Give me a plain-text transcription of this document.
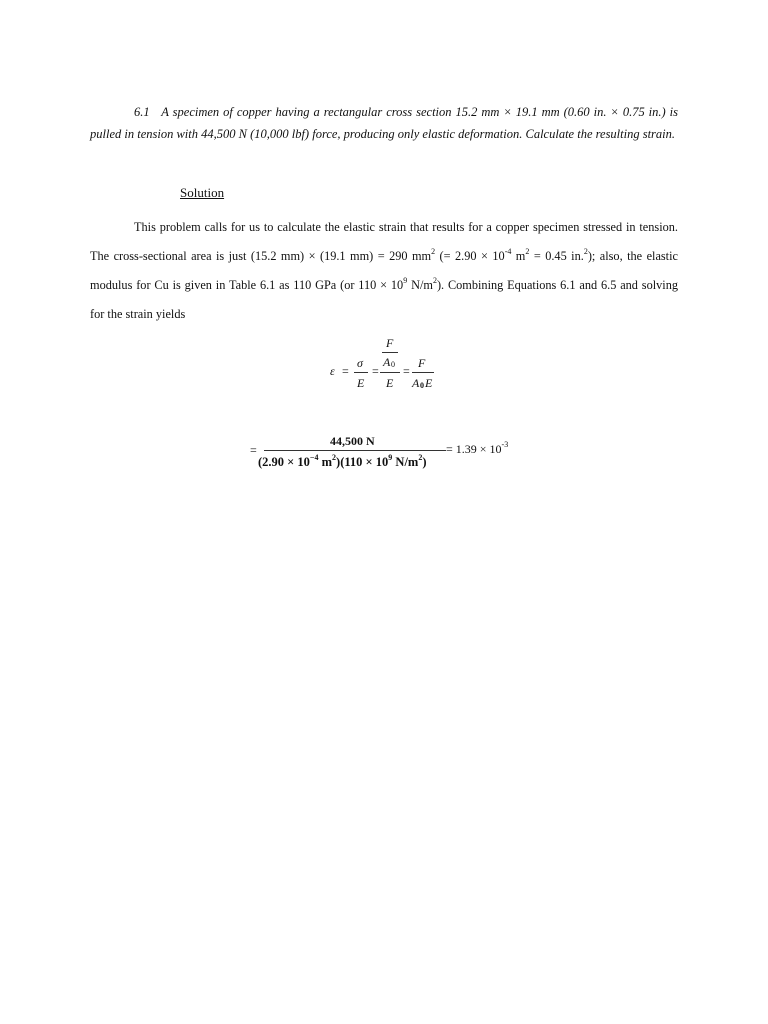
6.1 A specimen of copper having a rectangular cross section 15.2 mm × 19.1 mm (0.60 in. × 0.75 in.) is pulled in tension with 44,500 N (10,000 lbf) force, producing only elastic deformation. Calculate the resulting strain.
Solution
This problem calls for us to calculate the elastic strain that results for a copper specimen stressed in tension. The cross-sectional area is just (15.2 mm) × (19.1 mm) = 290 $mm^2$ (= $2.90 \times 10^{-4}$ $m^2 = 0.45$ in.$^2$); also, the elastic modulus for Cu is given in Table 6.1 as 110 GPa (or $110 \times 10^9$ $N/m^2$). Combining Equations 6.1 and 6.5 and solving for the strain yields
ε =
σ
E
=
F
A 0
E
=
F
A 0 E
=
44,500 N
($2.90 \times 10^{-4}$ $m^2)(110 \times 10^9$ $N/m^2$)
= $1.39 \times 10^{-3}$
